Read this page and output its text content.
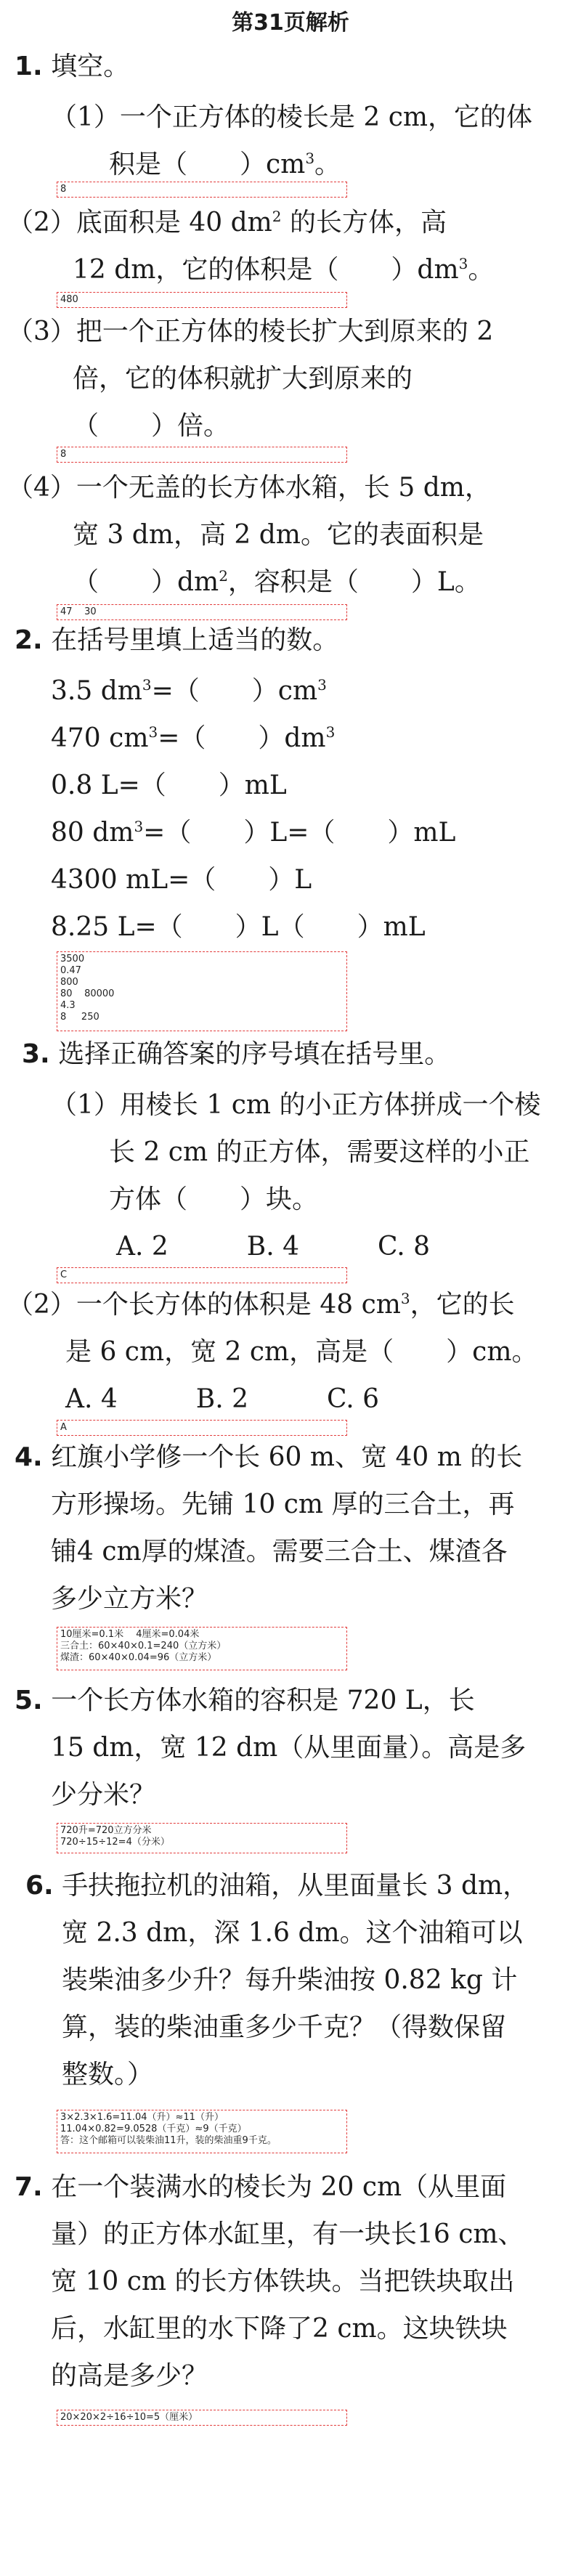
第31页解析
1. 填空。
（1）一个正方体的棱长是 2 cm，它的体
积是（　　）$cm^3$。
8
（2）底面积是 40 $dm^2$ 的长方体，高
12 dm，它的体积是（　　）$dm^3$。
480
（3）把一个正方体的棱长扩大到原来的 2
倍，它的体积就扩大到原来的
（　　）倍。
8
（4）一个无盖的长方体水箱，长 5 dm，
宽 3 dm，高 2 dm。它的表面积是
（　　）$dm^2$，容积是（　　）L。
47    30
2. 在括号里填上适当的数。
3.5 $dm^3=$（　　）$cm^3$
470 $cm^3=$（　　）$dm^3$
0.8 L=（　　）mL
80 $dm^3=$（　　）L=（　　）mL
4300 mL=（　　）L
8.25 L=（　　）L（　　）mL
3500
0.47
800
80    80000
4.3
8     250
3. 选择正确答案的序号填在括号里。
（1）用棱长 1 cm 的小正方体拼成一个棱
长 2 cm 的正方体，需要这样的小正
方体（　　）块。
A. 2　　　B. 4　　　C. 8
C
（2）一个长方体的体积是 48 $cm^3$，它的长
是 6 cm，宽 2 cm，高是（　　）cm。
A. 4　　　B. 2　　　C. 6
A
4. 红旗小学修一个长 60 m、宽 40 m 的长
方形操场。先铺 10 cm 厚的三合土，再
铺4 cm厚的煤渣。需要三合土、煤渣各
多少立方米？
10厘米=0.1米　 4厘米=0.04米
三合土：60×40×0.1=240（立方米）
煤渣：60×40×0.04=96（立方米）
5. 一个长方体水箱的容积是 720 L，长
15 dm，宽 12 dm（从里面量）。高是多
少分米？
720升=720立方分米
720÷15÷12=4（分米）
6. 手扶拖拉机的油箱，从里面量长 3 dm，
宽 2.3 dm，深 1.6 dm。这个油箱可以
装柴油多少升？每升柴油按 0.82 kg 计
算，装的柴油重多少千克？（得数保留
整数。）
3×2.3×1.6=11.04（升）≈11（升）
11.04×0.82=9.0528（千克）≈9（千克）
答：这个邮箱可以装柴油11升，装的柴油重9千克。
7. 在一个装满水的棱长为 20 cm（从里面
量）的正方体水缸里，有一块长16 cm、
宽 10 cm 的长方体铁块。当把铁块取出
后，水缸里的水下降了2 cm。这块铁块
的高是多少？
20×20×2÷16÷10=5（厘米）
